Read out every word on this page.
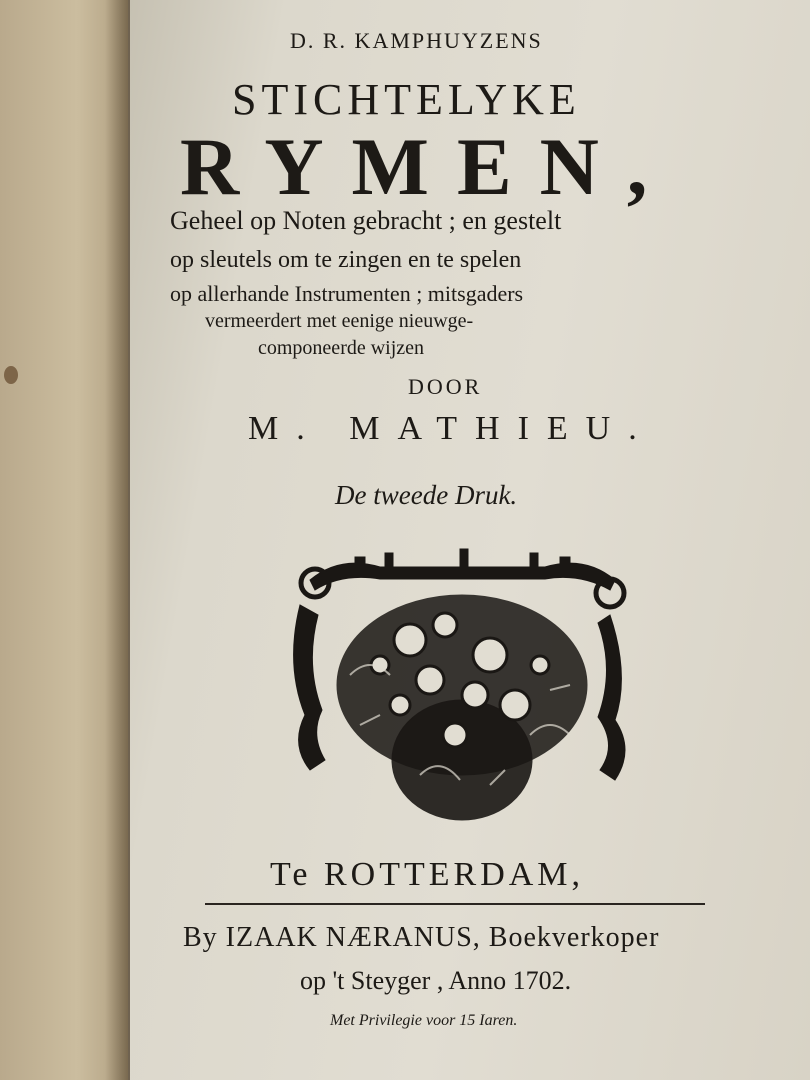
D. R. KAMPHUYZENS
STICHTELYKE
RYMEN,
Geheel op Noten gebracht ; en gestelt
op sleutels om te zingen en te spelen
op allerhande Instrumenten ; mitsgaders
vermeerdert met eenige nieuwge-
componeerde wijzen
DOOR
M. MATHIEU.
De tweede Druk.
Te ROTTERDAM,
By IZAAK NÆRANUS, Boekverkoper
op 't Steyger , Anno 1702.
Met Privilegie voor 15 Iaren.
